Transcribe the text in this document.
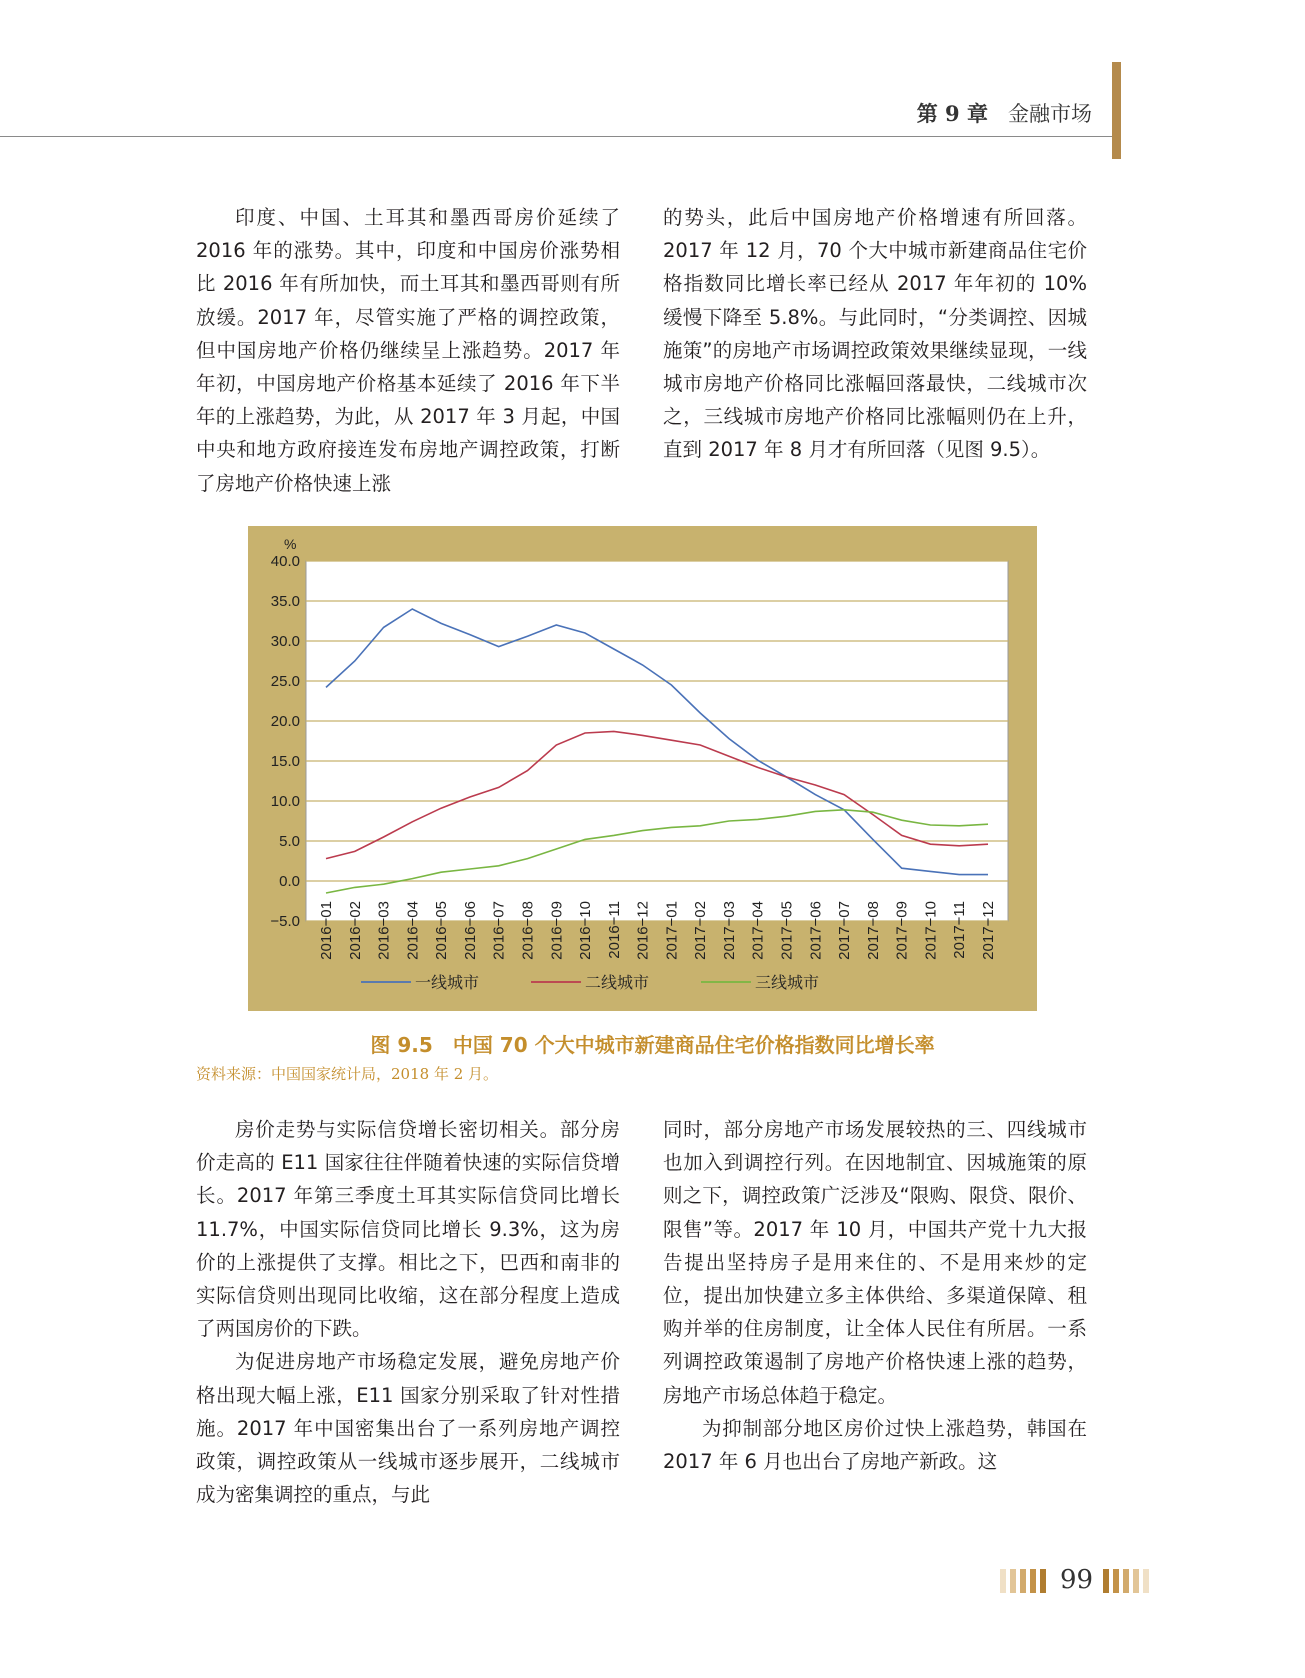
第 9 章 金融市场

印度、中国、土耳其和墨西哥房价延续了 2016 年的涨势。其中，印度和中国房价涨势相比 2016 年有所加快，而土耳其和墨西哥则有所放缓。2017 年，尽管实施了严格的调控政策，但中国房地产价格仍继续呈上涨趋势。2017 年年初，中国房地产价格基本延续了 2016 年下半年的上涨趋势，为此，从 2017 年 3 月起，中国中央和地方政府接连发布房地产调控政策，打断了房地产价格快速上涨

的势头，此后中国房地产价格增速有所回落。2017 年 12 月，70 个大中城市新建商品住宅价格指数同比增长率已经从 2017 年年初的 10% 缓慢下降至 5.8%。与此同时，“分类调控、因城施策”的房地产市场调控政策效果继续显现，一线城市房地产价格同比涨幅回落最快，二线城市次之，三线城市房地产价格同比涨幅则仍在上升，直到 2017 年 8 月才有所回落（见图 9.5）。

40.0
35.0
30.0
25.0
20.0
15.0
10.0
5.0
0.0
−5.0
%
2016−01 2016−02 2016−03 2016−04 2016−05 2016−06 2016−07 2016−08 2016−09 2016−10 2016−11 2016−12 2017−01 2017−02 2017−03 2017−04 2017−05 2017−06 2017−07 2017−08 2017−09 2017−10 2017−11 2017−12
一线城市	二线城市	三线城市
图 9.5　中国 70 个大中城市新建商品住宅价格指数同比增长率
资料来源：中国国家统计局，2018 年 2 月。

房价走势与实际信贷增长密切相关。部分房价走高的 E11 国家往往伴随着快速的实际信贷增长。2017 年第三季度土耳其实际信贷同比增长 11.7%，中国实际信贷同比增长 9.3%，这为房价的上涨提供了支撑。相比之下，巴西和南非的实际信贷则出现同比收缩，这在部分程度上造成了两国房价的下跌。

为促进房地产市场稳定发展，避免房地产价格出现大幅上涨，E11 国家分别采取了针对性措施。2017 年中国密集出台了一系列房地产调控政策，调控政策从一线城市逐步展开，二线城市成为密集调控的重点，与此

同时，部分房地产市场发展较热的三、四线城市也加入到调控行列。在因地制宜、因城施策的原则之下，调控政策广泛涉及“限购、限贷、限价、限售”等。2017 年 10 月，中国共产党十九大报告提出坚持房子是用来住的、不是用来炒的定位，提出加快建立多主体供给、多渠道保障、租购并举的住房制度，让全体人民住有所居。一系列调控政策遏制了房地产价格快速上涨的趋势，房地产市场总体趋于稳定。

为抑制部分地区房价过快上涨趋势，韩国在 2017 年 6 月也出台了房地产新政。这

99
